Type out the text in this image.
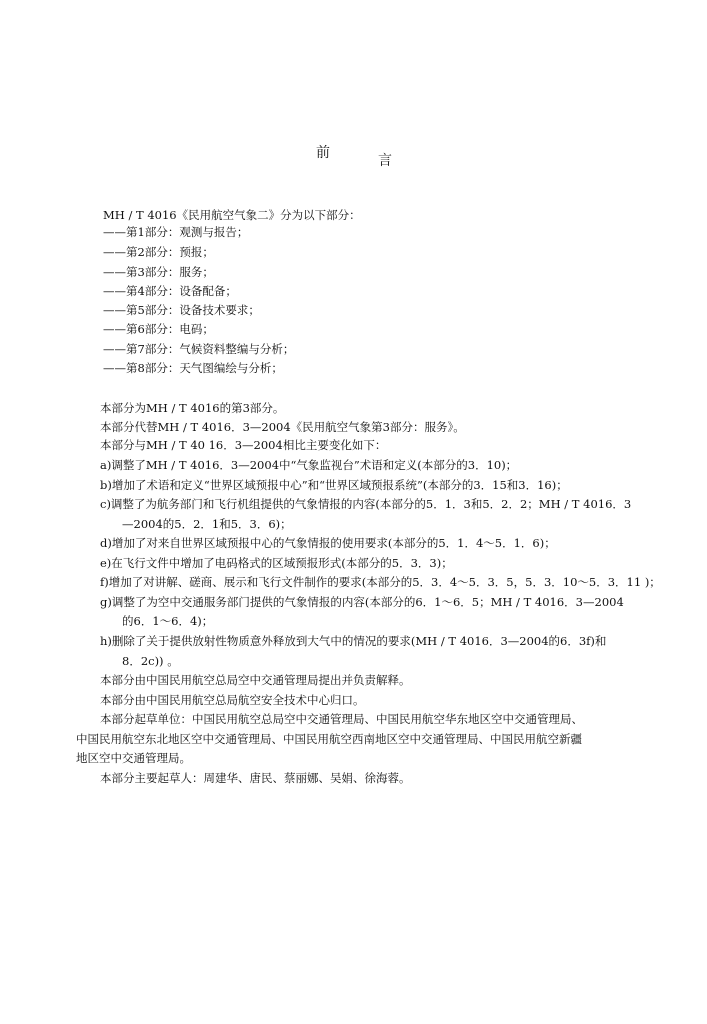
前	言
MH / T 4016《民用航空气象二》分为以下部分：
——第1部分：观测与报告；
——第2部分：预报；
——第3部分：服务；
——第4部分：设备配备；
——第5部分：设备技术要求；
——第6部分：电码；
——第7部分：气候资料整编与分析；
——第8部分：天气图编绘与分析；
本部分为MH / T 4016的第3部分。
本部分代替MH / T 4016．3—2004《民用航空气象第3部分：服务》。
本部分与MH / T 40 16．3—2004相比主要变化如下：
a)调整了MH / T 4016．3—2004中“气象监视台”术语和定义(本部分的3．10)；
b)增加了术语和定义“世界区域预报中心”和“世界区域预报系统”(本部分的3．15和3．16)；
c)调整了为航务部门和飞行机组提供的气象情报的内容(本部分的5．1．3和5．2．2；MH / T 4016．3
—2004的5．2．1和5．3．6)；
d)增加了对来自世界区域预报中心的气象情报的使用要求(本部分的5．1．4～5．1．6)；
e)在飞行文件中增加了电码格式的区域预报形式(本部分的5．3．3)；
f)增加了对讲解、磋商、展示和飞行文件制作的要求(本部分的5．3．4～5．3．5，5．3．10～5．3．11 )；
g)调整了为空中交通服务部门提供的气象情报的内容(本部分的6．1～6．5；MH / T 4016．3—2004
的6．1～6．4)；
h)删除了关于提供放射性物质意外释放到大气中的情况的要求(MH / T 4016．3—2004的6．3f)和
8．2c)) 。
本部分由中国民用航空总局空中交通管理局提出并负责解释。
本部分由中国民用航空总局航空安全技术中心归口。
本部分起草单位：中国民用航空总局空中交通管理局、中国民用航空华东地区空中交通管理局、
中国民用航空东北地区空中交通管理局、中国民用航空西南地区空中交通管理局、中国民用航空新疆
地区空中交通管理局。
本部分主要起草人：周建华、唐民、蔡丽娜、吴娟、徐海蓉。
